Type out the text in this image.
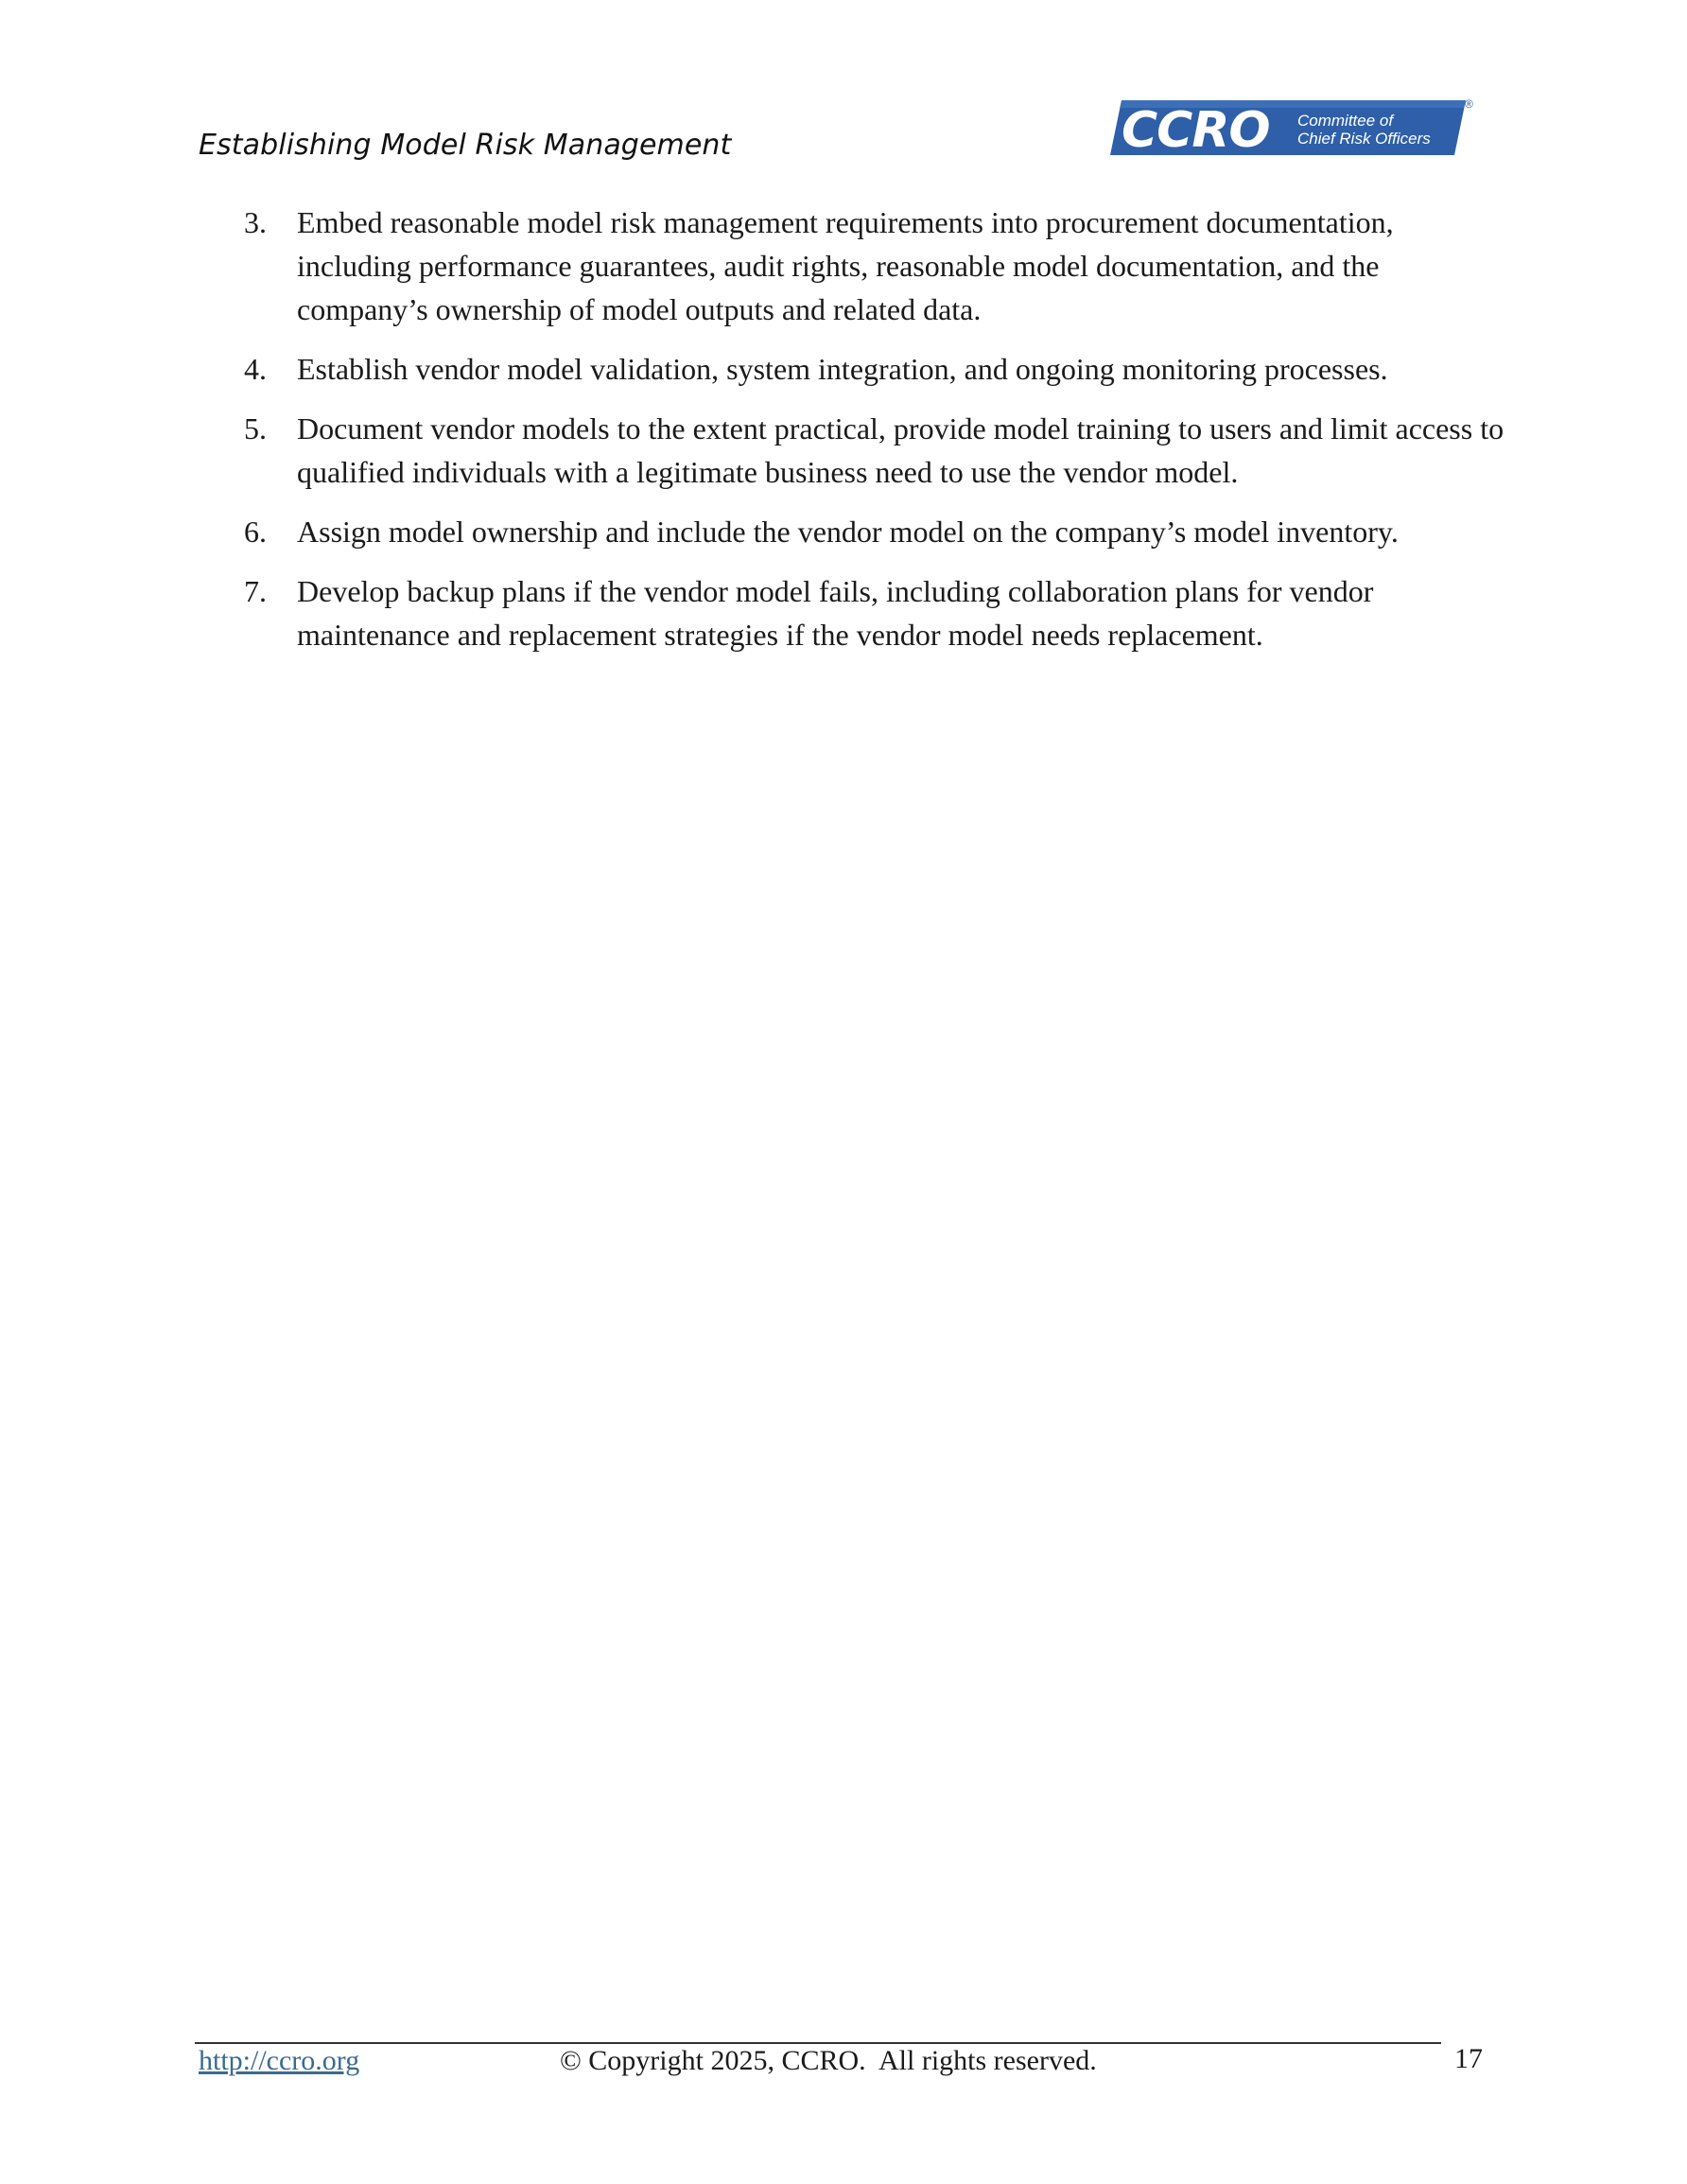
Establishing Model Risk Management	CCRO Committee of
Chief Risk Officers
®
3. Embed reasonable model risk management requirements into procurement documentation, including performance guarantees, audit rights, reasonable model documentation, and the company’s ownership of model outputs and related data.
4. Establish vendor model validation, system integration, and ongoing monitoring processes.
5. Document vendor models to the extent practical, provide model training to users and limit access to qualified individuals with a legitimate business need to use the vendor model.
6. Assign model ownership and include the vendor model on the company’s model inventory.
7. Develop backup plans if the vendor model fails, including collaboration plans for vendor maintenance and replacement strategies if the vendor model needs replacement.
http://ccro.org	© Copyright 2025, CCRO.  All rights reserved.	17
